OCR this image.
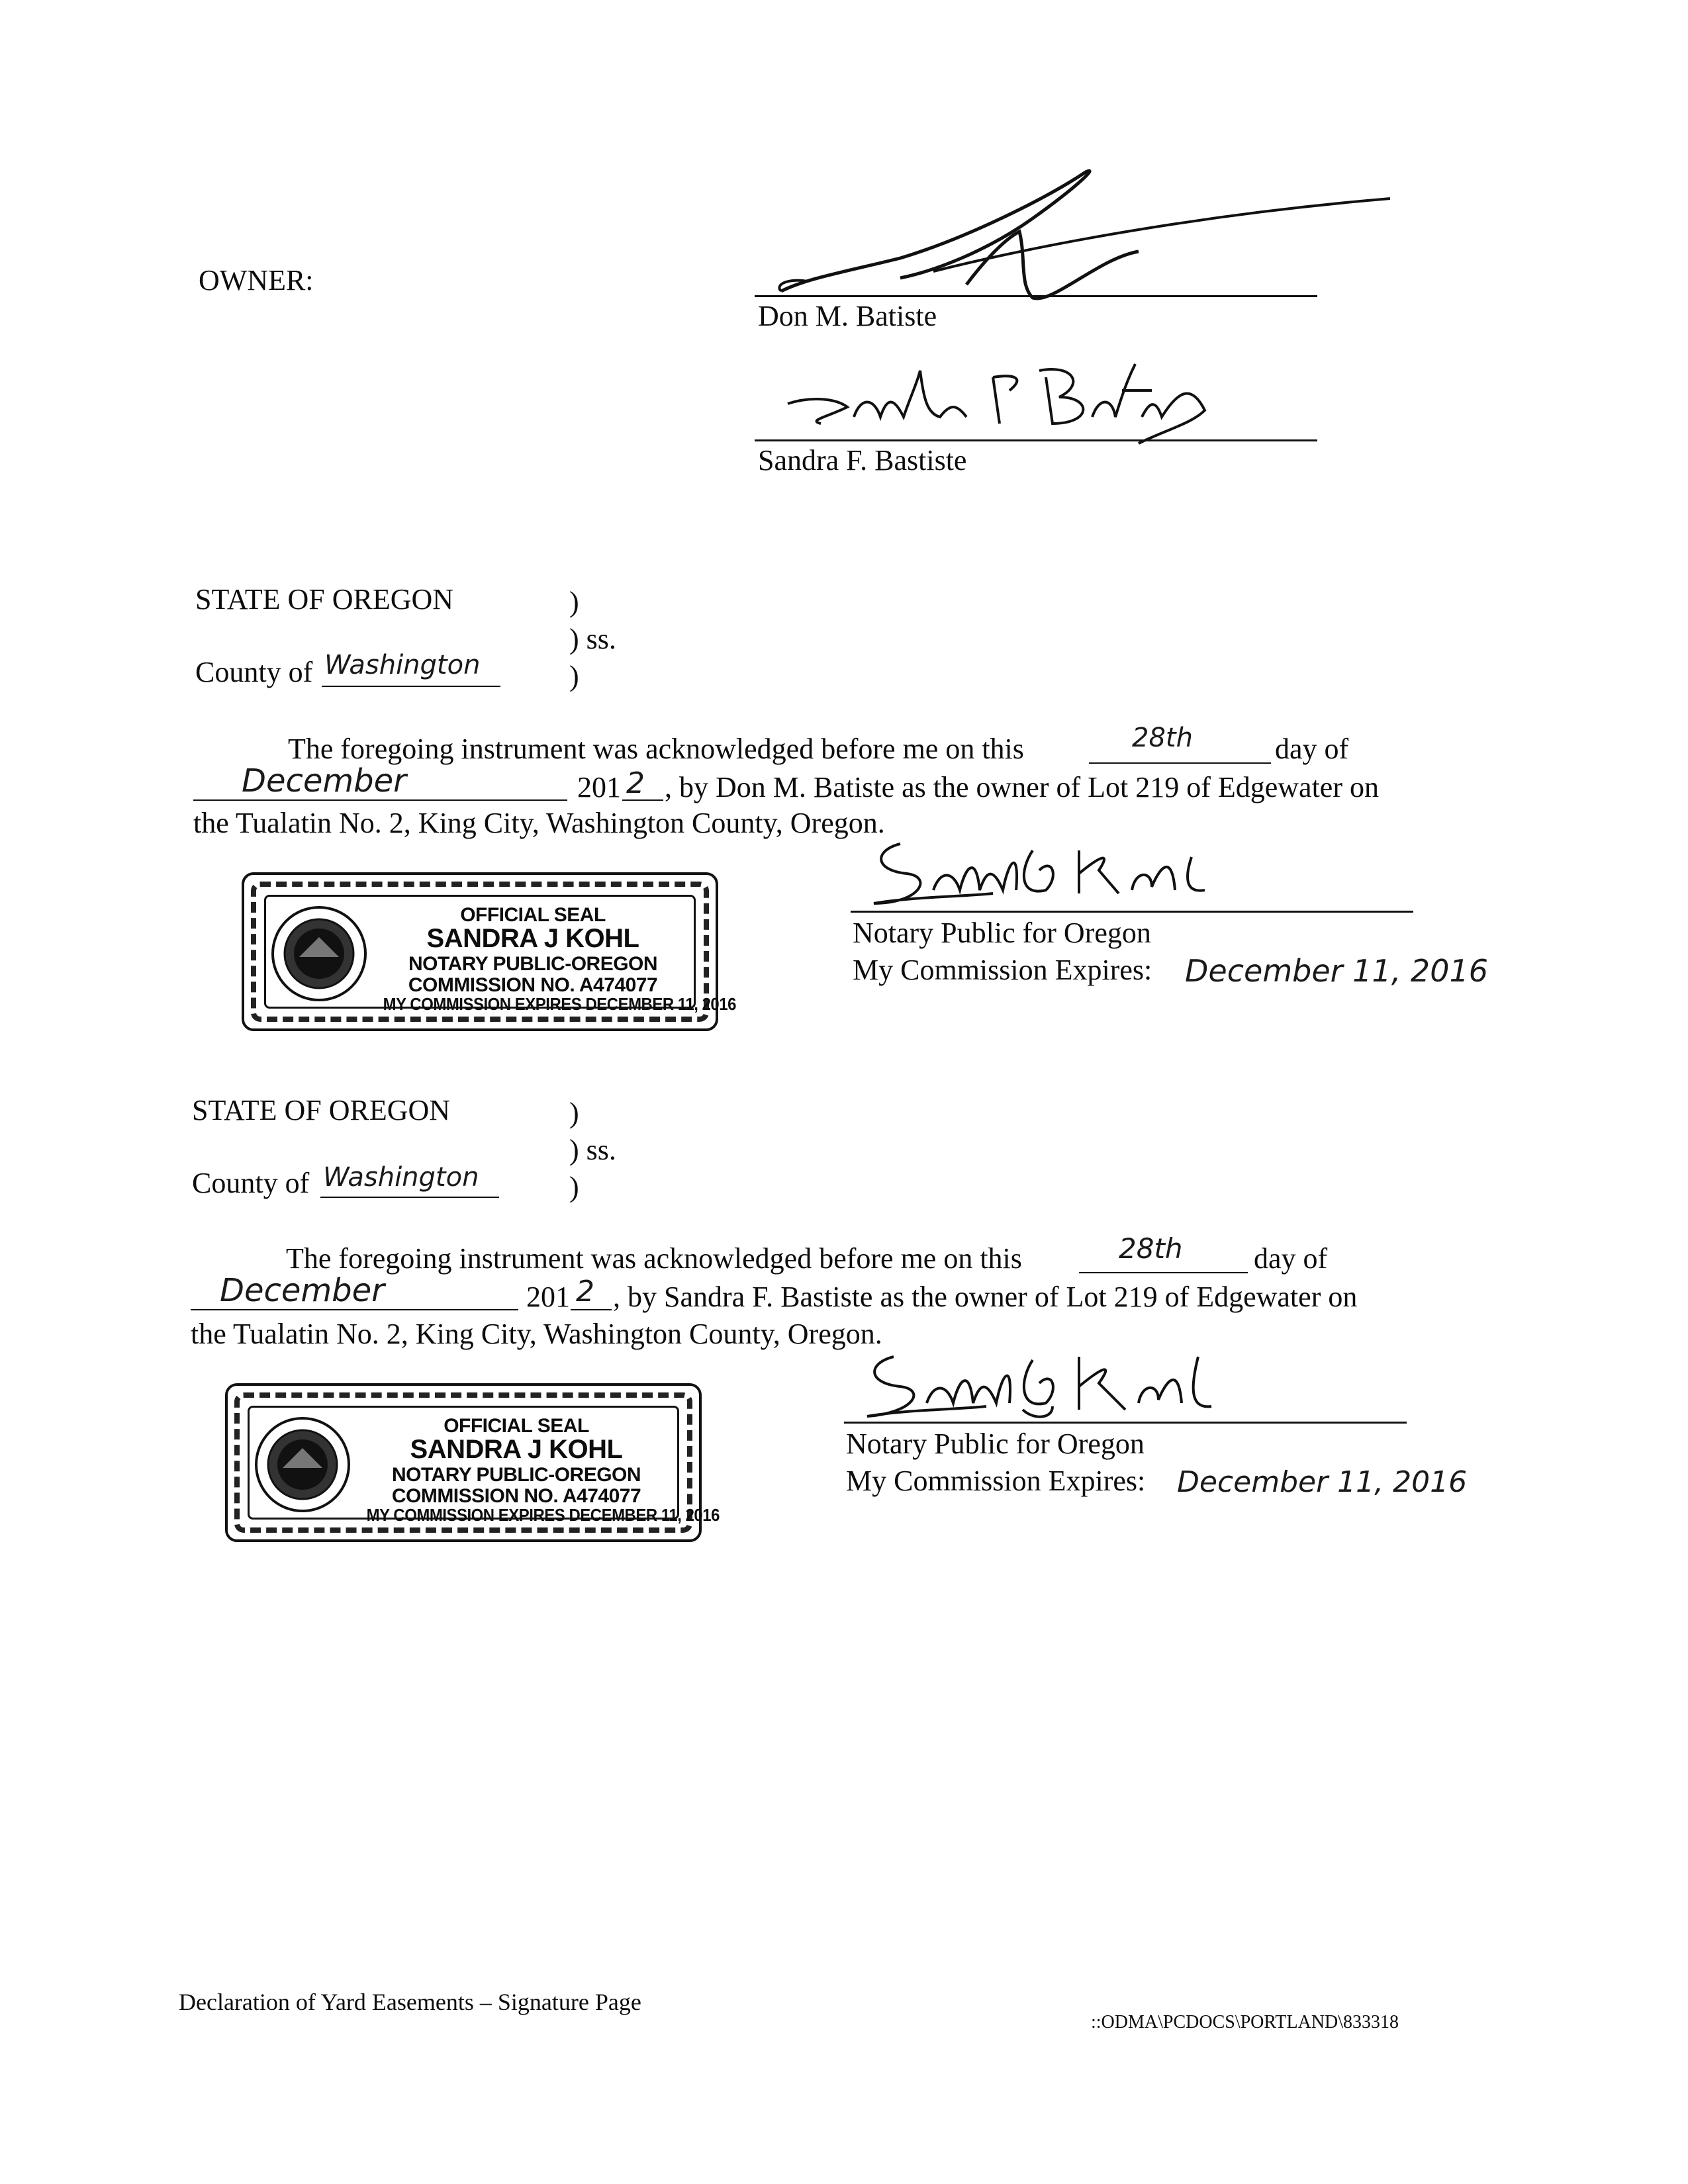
OWNER:
Don M. Batiste
Sandra F. Bastiste
STATE OF OREGON	)
) ss.
)
County of Washington
The foregoing instrument was acknowledged before me on this	28th	day of
December	201 2 , by Don M. Batiste as the owner of Lot 219 of Edgewater on
the Tualatin No. 2, King City, Washington County, Oregon.
OFFICIAL SEAL
SANDRA J KOHL
NOTARY PUBLIC-OREGON
COMMISSION NO. A474077
MY COMMISSION EXPIRES DECEMBER 11, 2016
Notary Public for Oregon
My Commission Expires: December 11, 2016
STATE OF OREGON	)
) ss.
)
County of Washington
The foregoing instrument was acknowledged before me on this	28th day of
December	201 2 , by Sandra F. Bastiste as the owner of Lot 219 of Edgewater on
the Tualatin No. 2, King City, Washington County, Oregon.
OFFICIAL SEAL
SANDRA J KOHL
NOTARY PUBLIC-OREGON
COMMISSION NO. A474077
MY COMMISSION EXPIRES DECEMBER 11, 2016
Notary Public for Oregon
My Commission Expires: December 11, 2016
Declaration of Yard Easements – Signature Page
::ODMA\PCDOCS\PORTLAND\833318
